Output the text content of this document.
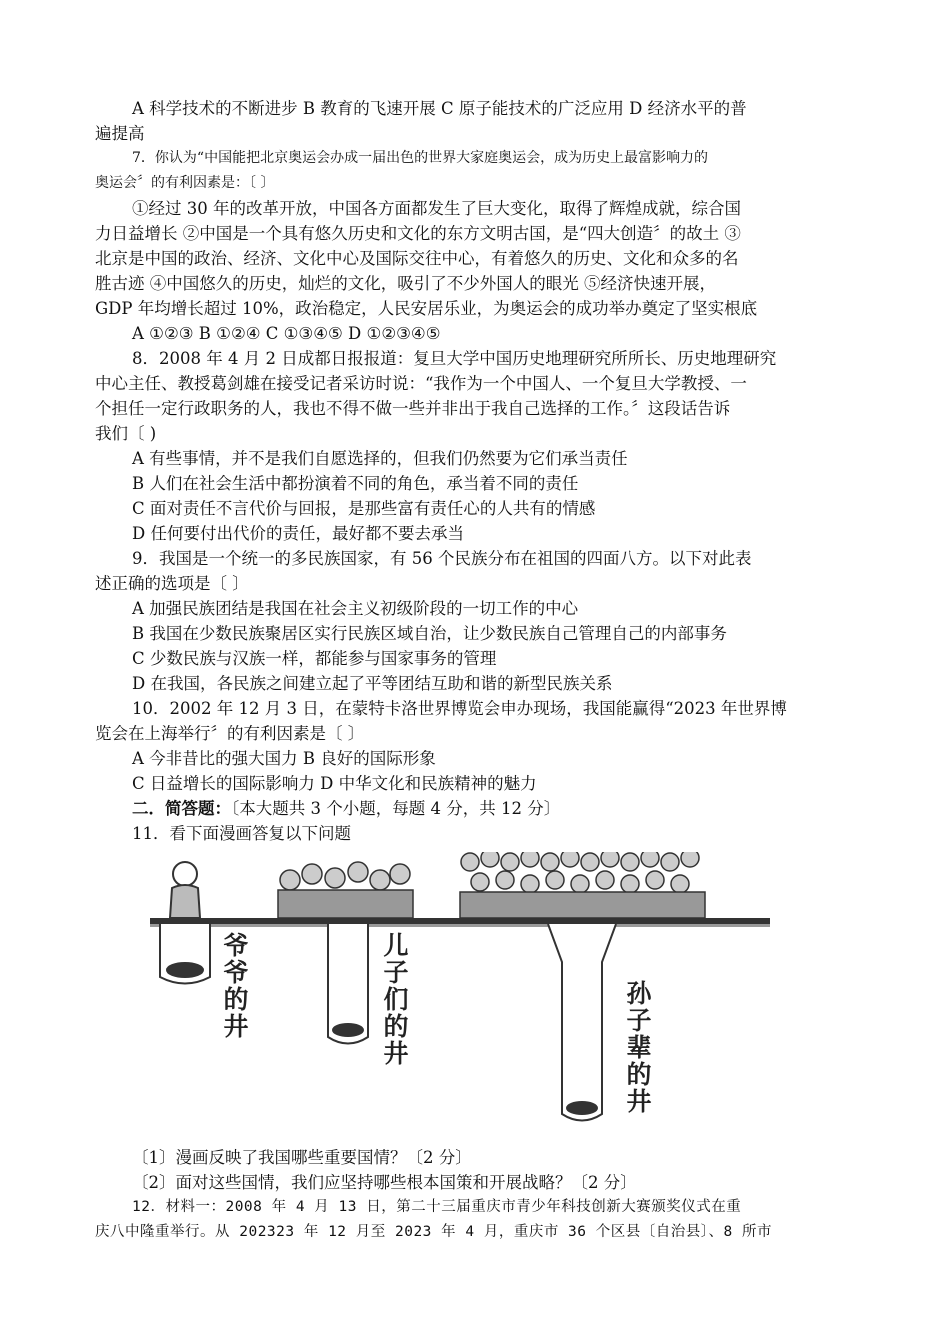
A 科学技术的不断进步 B 教育的飞速开展 C 原子能技术的广泛应用 D 经济水平的普
遍提高
7．你认为“中国能把北京奥运会办成一届出色的世界大家庭奥运会，成为历史上最富影响力的
奥运会〞的有利因素是：〔 〕
①经过 30 年的改革开放，中国各方面都发生了巨大变化，取得了辉煌成就，综合国
力日益增长 ②中国是一个具有悠久历史和文化的东方文明古国，是“四大创造〞的故土 ③
北京是中国的政治、经济、文化中心及国际交往中心，有着悠久的历史、文化和众多的名
胜古迹 ④中国悠久的历史，灿烂的文化，吸引了不少外国人的眼光 ⑤经济快速开展，
GDP 年均增长超过 10%，政治稳定，人民安居乐业，为奥运会的成功举办奠定了坚实根底
A ①②③ B ①②④ C ①③④⑤ D ①②③④⑤
8．2008 年 4 月 2 日成都日报报道：复旦大学中国历史地理研究所所长、历史地理研究
中心主任、教授葛剑雄在接受记者采访时说：“我作为一个中国人、一个复旦大学教授、一
个担任一定行政职务的人，我也不得不做一些并非出于我自己选择的工作。〞这段话告诉
我们〔 )
A 有些事情，并不是我们自愿选择的，但我们仍然要为它们承当责任
B 人们在社会生活中都扮演着不同的角色，承当着不同的责任
C 面对责任不言代价与回报，是那些富有责任心的人共有的情感
D 任何要付出代价的责任，最好都不要去承当
9．我国是一个统一的多民族国家，有 56 个民族分布在祖国的四面八方。以下对此表
述正确的选项是〔 〕
A 加强民族团结是我国在社会主义初级阶段的一切工作的中心
B 我国在少数民族聚居区实行民族区域自治，让少数民族自己管理自己的内部事务
C 少数民族与汉族一样，都能参与国家事务的管理
D 在我国，各民族之间建立起了平等团结互助和谐的新型民族关系
10．2002 年 12 月 3 日，在蒙特卡洛世界博览会申办现场，我国能赢得“2023 年世界博
览会在上海举行〞的有利因素是〔 〕
A 今非昔比的强大国力 B 良好的国际形象
C 日益增长的国际影响力 D 中华文化和民族精神的魅力
二．简答题：〔本大题共 3 个小题，每题 4 分，共 12 分〕
11．看下面漫画答复以下问题
爷爷的井
儿子们的井
孙子辈的井
〔1〕漫画反映了我国哪些重要国情？〔2 分〕
〔2〕面对这些国情，我们应坚持哪些根本国策和开展战略？〔2 分〕
12．材料一：2008 年 4 月 13 日，第二十三届重庆市青少年科技创新大赛颁奖仪式在重
庆八中隆重举行。从 202323 年 12 月至 2023 年 4 月，重庆市 36 个区县〔自治县〕、8 所市
